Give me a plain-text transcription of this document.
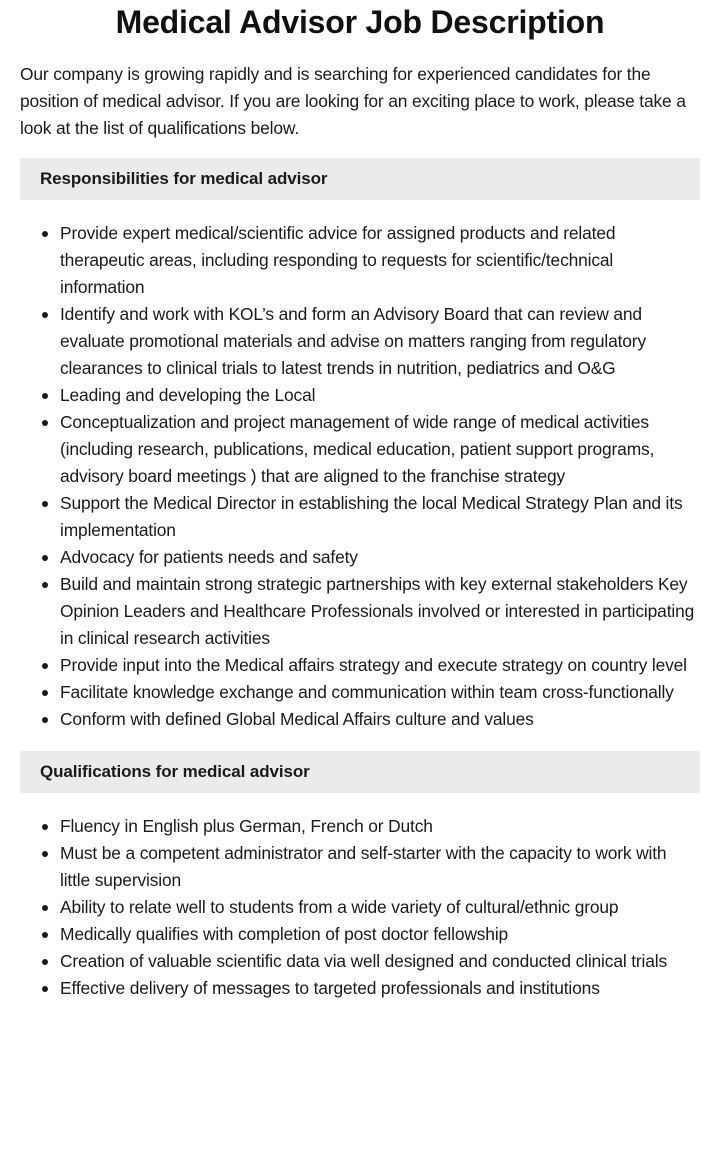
Medical Advisor Job Description

Our company is growing rapidly and is searching for experienced candidates for the position of medical advisor. If you are looking for an exciting place to work, please take a look at the list of qualifications below.

Responsibilities for medical advisor
Provide expert medical/scientific advice for assigned products and related therapeutic areas, including responding to requests for scientific/technical information
Identify and work with KOL’s and form an Advisory Board that can review and evaluate promotional materials and advise on matters ranging from regulatory clearances to clinical trials to latest trends in nutrition, pediatrics and O&G
Leading and developing the Local
Conceptualization and project management of wide range of medical activities (including research, publications, medical education, patient support programs, advisory board meetings ) that are aligned to the franchise strategy
Support the Medical Director in establishing the local Medical Strategy Plan and its implementation
Advocacy for patients needs and safety
Build and maintain strong strategic partnerships with key external stakeholders Key Opinion Leaders and Healthcare Professionals involved or interested in participating in clinical research activities
Provide input into the Medical affairs strategy and execute strategy on country level
Facilitate knowledge exchange and communication within team cross-functionally
Conform with defined Global Medical Affairs culture and values
Qualifications for medical advisor
Fluency in English plus German, French or Dutch
Must be a competent administrator and self-starter with the capacity to work with little supervision
Ability to relate well to students from a wide variety of cultural/ethnic group
Medically qualifies with completion of post doctor fellowship
Creation of valuable scientific data via well designed and conducted clinical trials
Effective delivery of messages to targeted professionals and institutions
